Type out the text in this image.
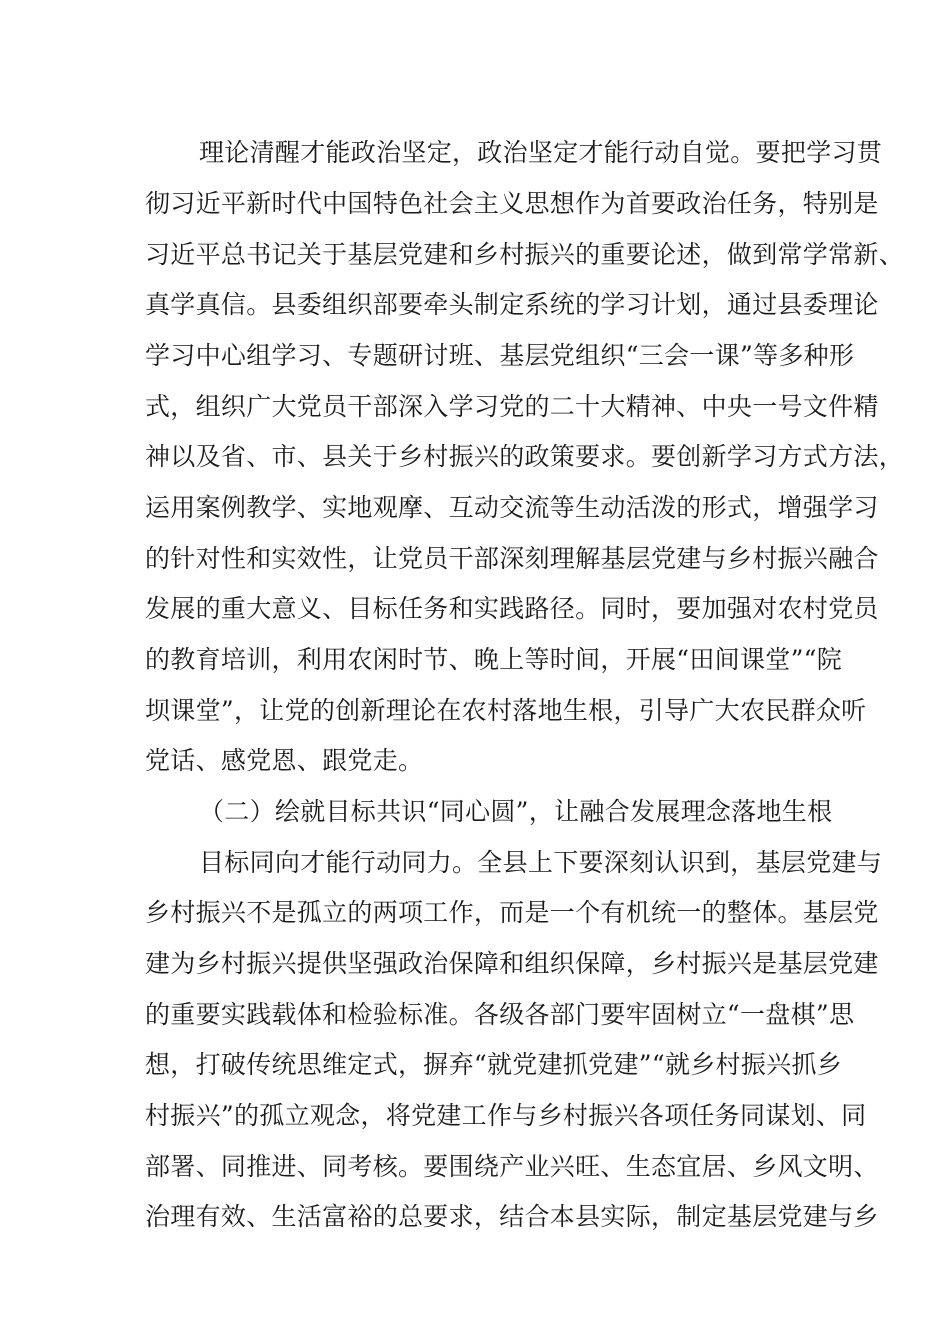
理论清醒才能政治坚定，政治坚定才能行动自觉。要把学习贯
彻习近平新时代中国特色社会主义思想作为首要政治任务，特别是
习近平总书记关于基层党建和乡村振兴的重要论述，做到常学常新、
真学真信。县委组织部要牵头制定系统的学习计划，通过县委理论
学习中心组学习、专题研讨班、基层党组织“三会一课”等多种形
式，组织广大党员干部深入学习党的二十大精神、中央一号文件精
神以及省、市、县关于乡村振兴的政策要求。要创新学习方式方法，
运用案例教学、实地观摩、互动交流等生动活泼的形式，增强学习
的针对性和实效性，让党员干部深刻理解基层党建与乡村振兴融合
发展的重大意义、目标任务和实践路径。同时，要加强对农村党员
的教育培训，利用农闲时节、晚上等时间，开展“田间课堂”“院
坝课堂”，让党的创新理论在农村落地生根，引导广大农民群众听
党话、感党恩、跟党走。
（二）绘就目标共识“同心圆”，让融合发展理念落地生根
目标同向才能行动同力。全县上下要深刻认识到，基层党建与
乡村振兴不是孤立的两项工作，而是一个有机统一的整体。基层党
建为乡村振兴提供坚强政治保障和组织保障，乡村振兴是基层党建
的重要实践载体和检验标准。各级各部门要牢固树立“一盘棋”思
想，打破传统思维定式，摒弃“就党建抓党建”“就乡村振兴抓乡
村振兴”的孤立观念，将党建工作与乡村振兴各项任务同谋划、同
部署、同推进、同考核。要围绕产业兴旺、生态宜居、乡风文明、
治理有效、生活富裕的总要求，结合本县实际，制定基层党建与乡
